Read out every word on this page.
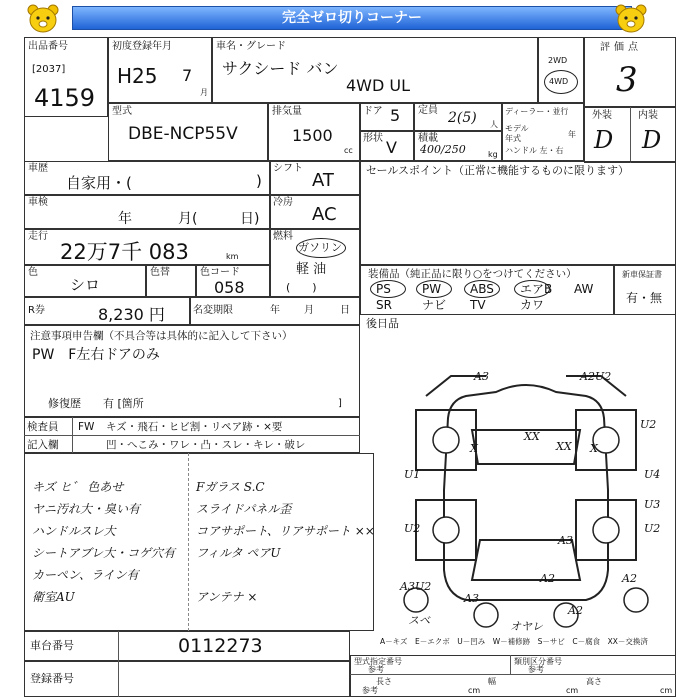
完全ゼロ切りコーナー
出品番号
[2037]
4159
初度登録年月
H25 7
月
車名・グレード
サクシード バン
4WD UL
2WD
4WD
評価点
3
外装	内装
D D
型式
DBE-NCP55V
排気量
1500
cc
ドア 5
形状 V
定員 2(5) 人
積載
400/250	kg
ディーラー・並行
モデル 年式	年
ハンドル 左・右
車歴
自家用・(	)
シフト
AT
車検
年	月(	日)
冷房
AC
走行
22万7千 083	km
燃料
ガソリン
軽 油
(　　)
色
シロ
色替	色コード
058
R券	8,230 円	名変期限	年 月	日
セールスポイント（正常に機能するものに限ります）
装備品（純正品に限り○をつけてください）
PS	PW ABS エアB AW
SR	ナビ TV	カワ
新車保証書
有・無
後日品
注意事項申告欄（不具合等は具体的に記入して下さい）
PW　F左右ドアのみ
修復歴　　有 [箇所	]
検査員 FW キズ・飛石・ヒビ割・リペア跡・×要
記入欄	凹・へこみ・ワレ・凸・スレ・キレ・破レ
キズ ヒ゛ 色あせ
ヤニ汚れ大・臭い有
ハンドルスレ大
シートアブレ大・コゲ穴有
カーペン、ライン有
衛室AU
Fガラス S.C
スライドパネル歪
コアサポート、リアサポート ××
フィルタ ペアU
アンテナ ×
A3	A2U2
U2
XX
XX
X	X
U1	U4
U3
U2	U2
A3
A2	A2
A3U2
A3
A2
オヤレ
スベ
車台番号	0112273
登録番号
A－キズ　E－エクボ　U－凹み　W－補修跡　S－サビ　C－腐食　XX－交換済
型式指定番号
参考
類別区分番号
参考
参考
長さ
cm
幅
cm
高さ
cm
